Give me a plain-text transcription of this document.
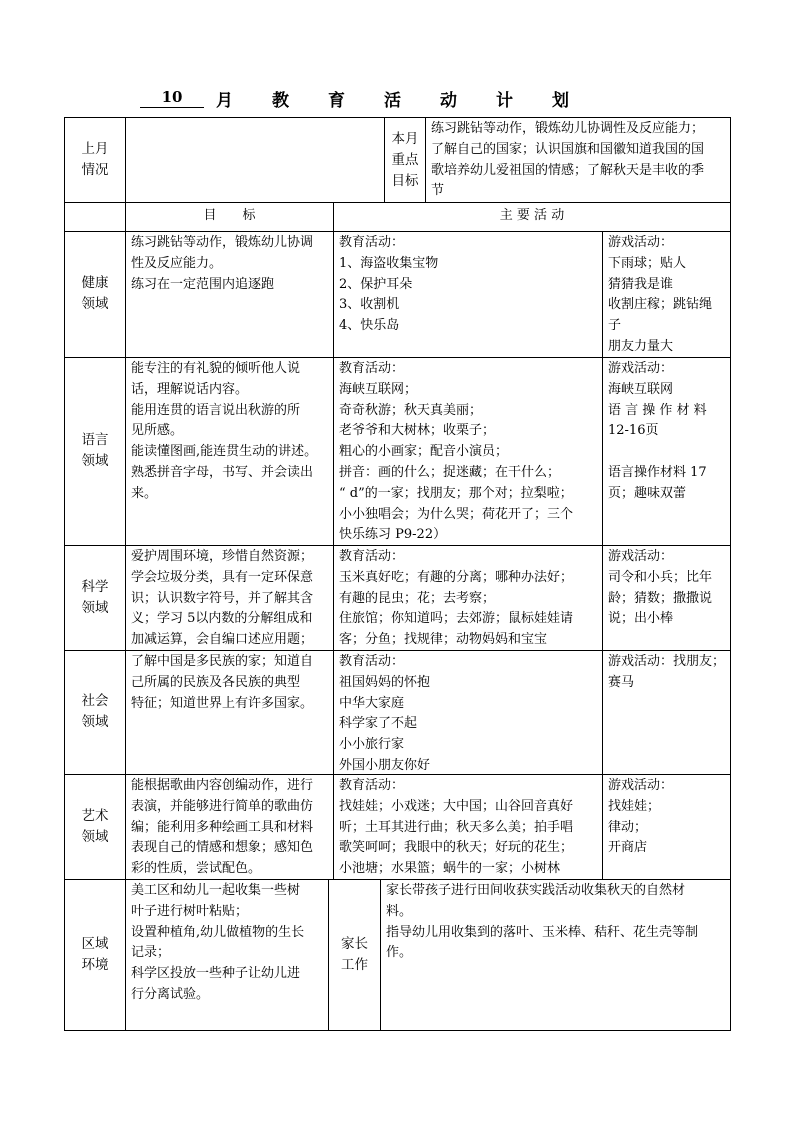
10	月 教 育 活 动 计 划
上月
情况
本月
重点
目标
练习跳钻等动作，锻炼幼儿协调性及反应能力；
了解自己的国家；认识国旗和国徽知道我国的国
歌培养幼儿爱祖国的情感；了解秋天是丰收的季
节
目　　标	主 要 活 动
健康
领域
练习跳钻等动作，锻炼幼儿协调
性及反应能力。
练习在一定范围内追逐跑
教育活动：
1、海盗收集宝物
2、保护耳朵
3、收割机
4、快乐岛
游戏活动：
下雨球；贴人
猜猜我是谁
收割庄稼；跳钻绳
子
朋友力量大
语言
领域
能专注的有礼貌的倾听他人说
话，理解说话内容。
能用连贯的语言说出秋游的所
见所感。
能读懂图画,能连贯生动的讲述。
熟悉拼音字母，书写、并会读出
来。
教育活动：
海峡互联网；
奇奇秋游；秋天真美丽；
老爷爷和大树林；收栗子；
粗心的小画家；配音小演员；
拼音：画的什么；捉迷藏；在干什么；
“ d”的一家；找朋友；那个对；拉梨啦；
小小独唱会；为什么哭；荷花开了；三个
快乐练习 P9-22）
游戏活动：
海峡互联网
语 言 操 作 材 料
12-16页
语言操作材料 17
页；趣味双蕾
科学
领域
爱护周围环境，珍惜自然资源；
学会垃圾分类，具有一定环保意
识；认识数字符号，并了解其含
义；学习 5以内数的分解组成和
加减运算，会自编口述应用题；
教育活动：
玉米真好吃；有趣的分离；哪种办法好；
有趣的昆虫；花；去考察；
住旅馆；你知道吗；去郊游；鼠标娃娃请
客；分鱼；找规律；动物妈妈和宝宝
游戏活动：
司令和小兵；比年
龄；猜数；撒撒说
说；出小棒
社会
领域
了解中国是多民族的家；知道自
己所属的民族及各民族的典型
特征；知道世界上有许多国家。
教育活动：
祖国妈妈的怀抱
中华大家庭
科学家了不起
小小旅行家
外国小朋友你好
游戏活动：找朋友；
赛马
艺术
领域
能根据歌曲内容创编动作，进行
表演，并能够进行简单的歌曲仿
编；能利用多种绘画工具和材料
表现自己的情感和想象；感知色
彩的性质，尝试配色。
教育活动：
找娃娃；小戏迷；大中国；山谷回音真好
听；土耳其进行曲；秋天多么美；拍手唱
歌笑呵呵；我眼中的秋天；好玩的花生；
小池塘；水果篮；蜗牛的一家；小树林
游戏活动：
找娃娃；
律动；
开商店
区域
环境
美工区和幼儿一起收集一些树
叶子进行树叶粘贴；
设置种植角,幼儿做植物的生长
记录；
科学区投放一些种子让幼儿进
行分离试验。
家长
工作
家长带孩子进行田间收获实践活动收集秋天的自然材
料。
指导幼儿用收集到的落叶、玉米棒、秸秆、花生壳等制
作。
